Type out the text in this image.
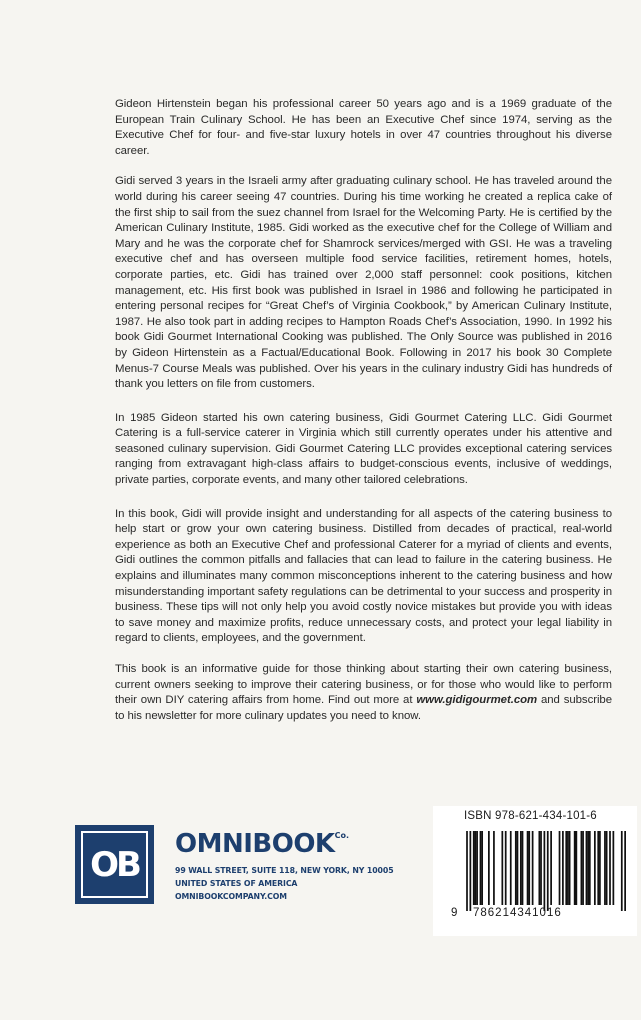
Gideon Hirtenstein began his professional career 50 years ago and is a 1969 graduate of the European Train Culinary School. He has been an Executive Chef since 1974, serving as the Executive Chef for four- and five-star luxury hotels in over 47 countries throughout his diverse career.

Gidi served 3 years in the Israeli army after graduating culinary school. He has traveled around the world during his career seeing 47 countries. During his time working he created a replica cake of the first ship to sail from the suez channel from Israel for the Welcoming Party. He is certified by the American Culinary Institute, 1985. Gidi worked as the executive chef for the College of William and Mary and he was the corporate chef for Shamrock services/merged with GSI. He was a traveling executive chef and has overseen multiple food service facilities, retirement homes, hotels, corporate parties, etc. Gidi has trained over 2,000 staff personnel: cook positions, kitchen management, etc. His first book was published in Israel in 1986 and following he participated in entering personal recipes for “Great Chef’s of Virginia Cookbook,” by American Culinary Institute, 1987. He also took part in adding recipes to Hampton Roads Chef’s Association, 1990. In 1992 his book Gidi Gourmet International Cooking was published. The Only Source was published in 2016 by Gideon Hirtenstein as a Factual/Educational Book. Following in 2017 his book 30 Complete Menus-7 Course Meals was published. Over his years in the culinary industry Gidi has hundreds of thank you letters on file from customers.

In 1985 Gideon started his own catering business, Gidi Gourmet Catering LLC. Gidi Gourmet Catering is a full-service caterer in Virginia which still currently operates under his attentive and seasoned culinary supervision. Gidi Gourmet Catering LLC provides exceptional catering services ranging from extravagant high-class affairs to budget-conscious events, inclusive of weddings, private parties, corporate events, and many other tailored celebrations.

In this book, Gidi will provide insight and understanding for all aspects of the catering business to help start or grow your own catering business. Distilled from decades of practical, real-world experience as both an Executive Chef and professional Caterer for a myriad of clients and events, Gidi outlines the common pitfalls and fallacies that can lead to failure in the catering business. He explains and illuminates many common misconceptions inherent to the catering business and how misunderstanding important safety regulations can be detrimental to your success and prosperity in business. These tips will not only help you avoid costly novice mistakes but provide you with ideas to save money and maximize profits, reduce unnecessary costs, and protect your legal liability in regard to clients, employees, and the government.

This book is an informative guide for those thinking about starting their own catering business, current owners seeking to improve their catering business, or for those who would like to perform their own DIY catering affairs from home. Find out more at www.gidigourmet.com and subscribe to his newsletter for more culinary updates you need to know.

OB
$OMNIBOOK^{Co.}$
99 WALL STREET, SUITE 118, NEW YORK, NY 10005
UNITED STATES OF AMERICA
OMNIBOOKCOMPANY.COM
ISBN 978-621-434-101-6
9 786214341016
